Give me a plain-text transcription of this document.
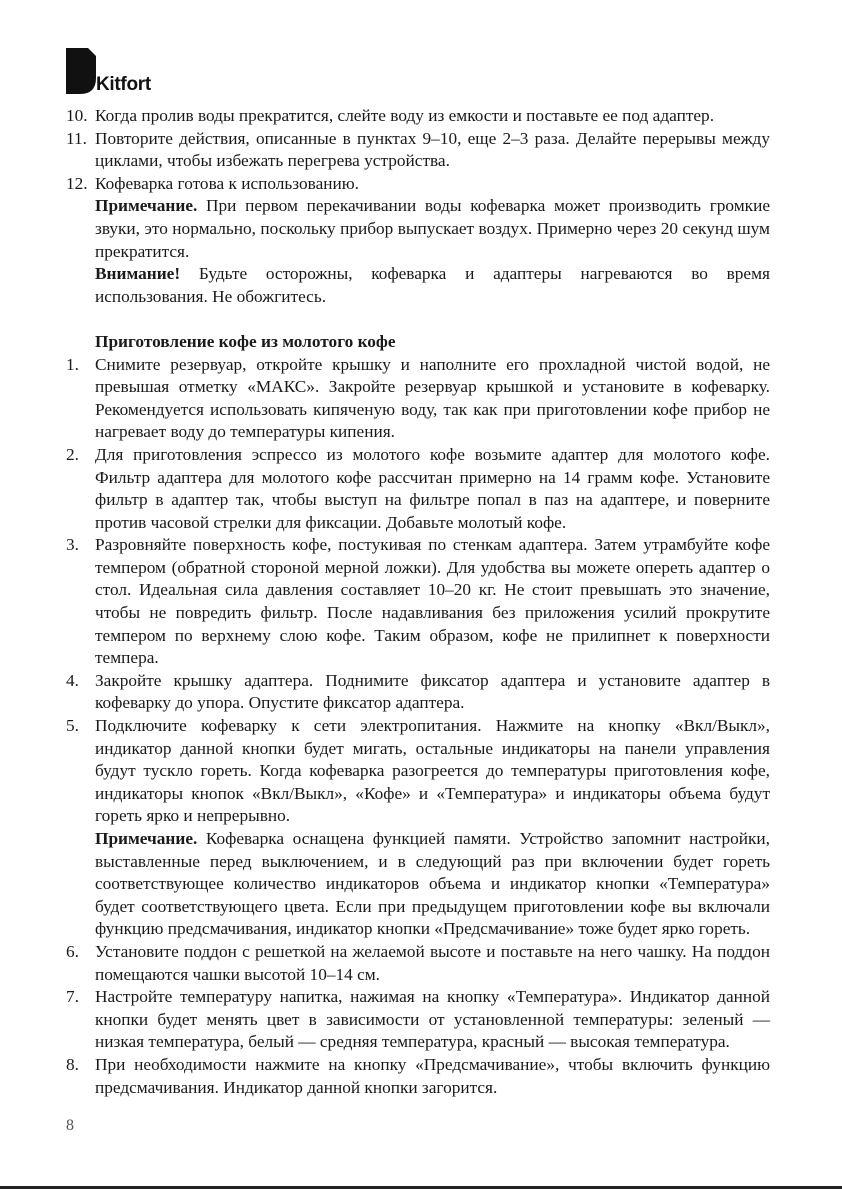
Kitfort
10. Когда пролив воды прекратится, слейте воду из емкости и поставьте ее под адаптер.
11. Повторите действия, описанные в пунктах 9–10, еще 2–3 раза. Делайте перерывы между циклами, чтобы избежать перегрева устройства.
12. Кофеварка готова к использованию.
Примечание. При первом перекачивании воды кофеварка может производить громкие звуки, это нормально, поскольку прибор выпускает воздух. Примерно через 20 секунд шум прекратится.
Внимание! Будьте осторожны, кофеварка и адаптеры нагреваются во время использования. Не обожгитесь.
Приготовление кофе из молотого кофе
1. Снимите резервуар, откройте крышку и наполните его прохладной чистой водой, не превышая отметку «МАКС». Закройте резервуар крышкой и установите в кофеварку. Рекомендуется использовать кипяченую воду, так как при приготовлении кофе прибор не нагревает воду до температуры кипения.
2. Для приготовления эспрессо из молотого кофе возьмите адаптер для молотого кофе. Фильтр адаптера для молотого кофе рассчитан примерно на 14 грамм кофе. Установите фильтр в адаптер так, чтобы выступ на фильтре попал в паз на адаптере, и поверните против часовой стрелки для фиксации. Добавьте молотый кофе.
3. Разровняйте поверхность кофе, постукивая по стенкам адаптера. Затем утрамбуйте кофе темпером (обратной стороной мерной ложки). Для удобства вы можете опереть адаптер о стол. Идеальная сила давления составляет 10–20 кг. Не стоит превышать это значение, чтобы не повредить фильтр. После надавливания без приложения усилий прокрутите темпером по верхнему слою кофе. Таким образом, кофе не прилипнет к поверхности темпера.
4. Закройте крышку адаптера. Поднимите фиксатор адаптера и установите адаптер в кофеварку до упора. Опустите фиксатор адаптера.
5. Подключите кофеварку к сети электропитания. Нажмите на кнопку «Вкл/Выкл», индикатор данной кнопки будет мигать, остальные индикаторы на панели управления будут тускло гореть. Когда кофеварка разогреется до температуры приготовления кофе, индикаторы кнопок «Вкл/Выкл», «Кофе» и «Температура» и индикаторы объема будут гореть ярко и непрерывно.
Примечание. Кофеварка оснащена функцией памяти. Устройство запомнит настройки, выставленные перед выключением, и в следующий раз при включении будет гореть соответствующее количество индикаторов объема и индикатор кнопки «Температура» будет соответствующего цвета. Если при предыдущем приготовлении кофе вы включали функцию предсмачивания, индикатор кнопки «Предсмачивание» тоже будет ярко гореть.
6. Установите поддон с решеткой на желаемой высоте и поставьте на него чашку. На поддон помещаются чашки высотой 10–14 см.
7. Настройте температуру напитка, нажимая на кнопку «Температура». Индикатор данной кнопки будет менять цвет в зависимости от установленной температуры: зеленый — низкая температура, белый — средняя температура, красный — высокая температура.
8. При необходимости нажмите на кнопку «Предсмачивание», чтобы включить функцию предсмачивания. Индикатор данной кнопки загорится.
8
